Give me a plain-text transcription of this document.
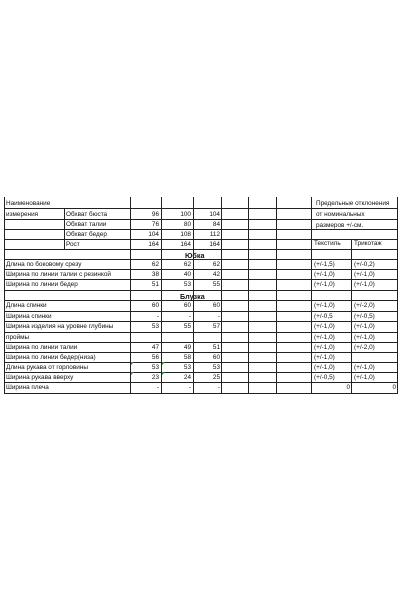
Наименование
измерения
Предельные отклонения
от номинальных
размеров +/-см.
Текстиль Трикотаж
Обхват бюста	96	100	104
Обхват талии	76	80	84
Обхват бедер	104	108	112
Рост	164	164	164
Юбка
Длина по боковому срезу	62	62	62	(+/-1,5)	(+/-0,2)
Ширина по линии талии с резинкой	38	40	42	(+/-1,0)	(+/-1,0)
Ширина по линии бедер	51	53	55	(+/-1,0)	(+/-1,0)
Блузка
Длина спинки	60	60	60	(+/-1,0)	(+/-2,0)
Ширина спинки	-	-	-	(+/-0,5	(+/-0,5)
Ширина изделия на уровне глубины	53	55	57	(+/-1,0)	(+/-1,0)
проймы	(+/-1,0)	(+/-1,0)
Ширина по линии талии	47	49	51	(+/-1,0)	(+/-2,0)
Ширина по линии бедер(низа)	56	58	60	(+/-1,0)
Длина рукава от горловины	53	53	53	(+/-1,0)	(+/-1,0)
Ширина рукава вверху	23	24	25	(+/-0,5)	(+/-1,0)
Ширина плеча	-	-	-	0	0
